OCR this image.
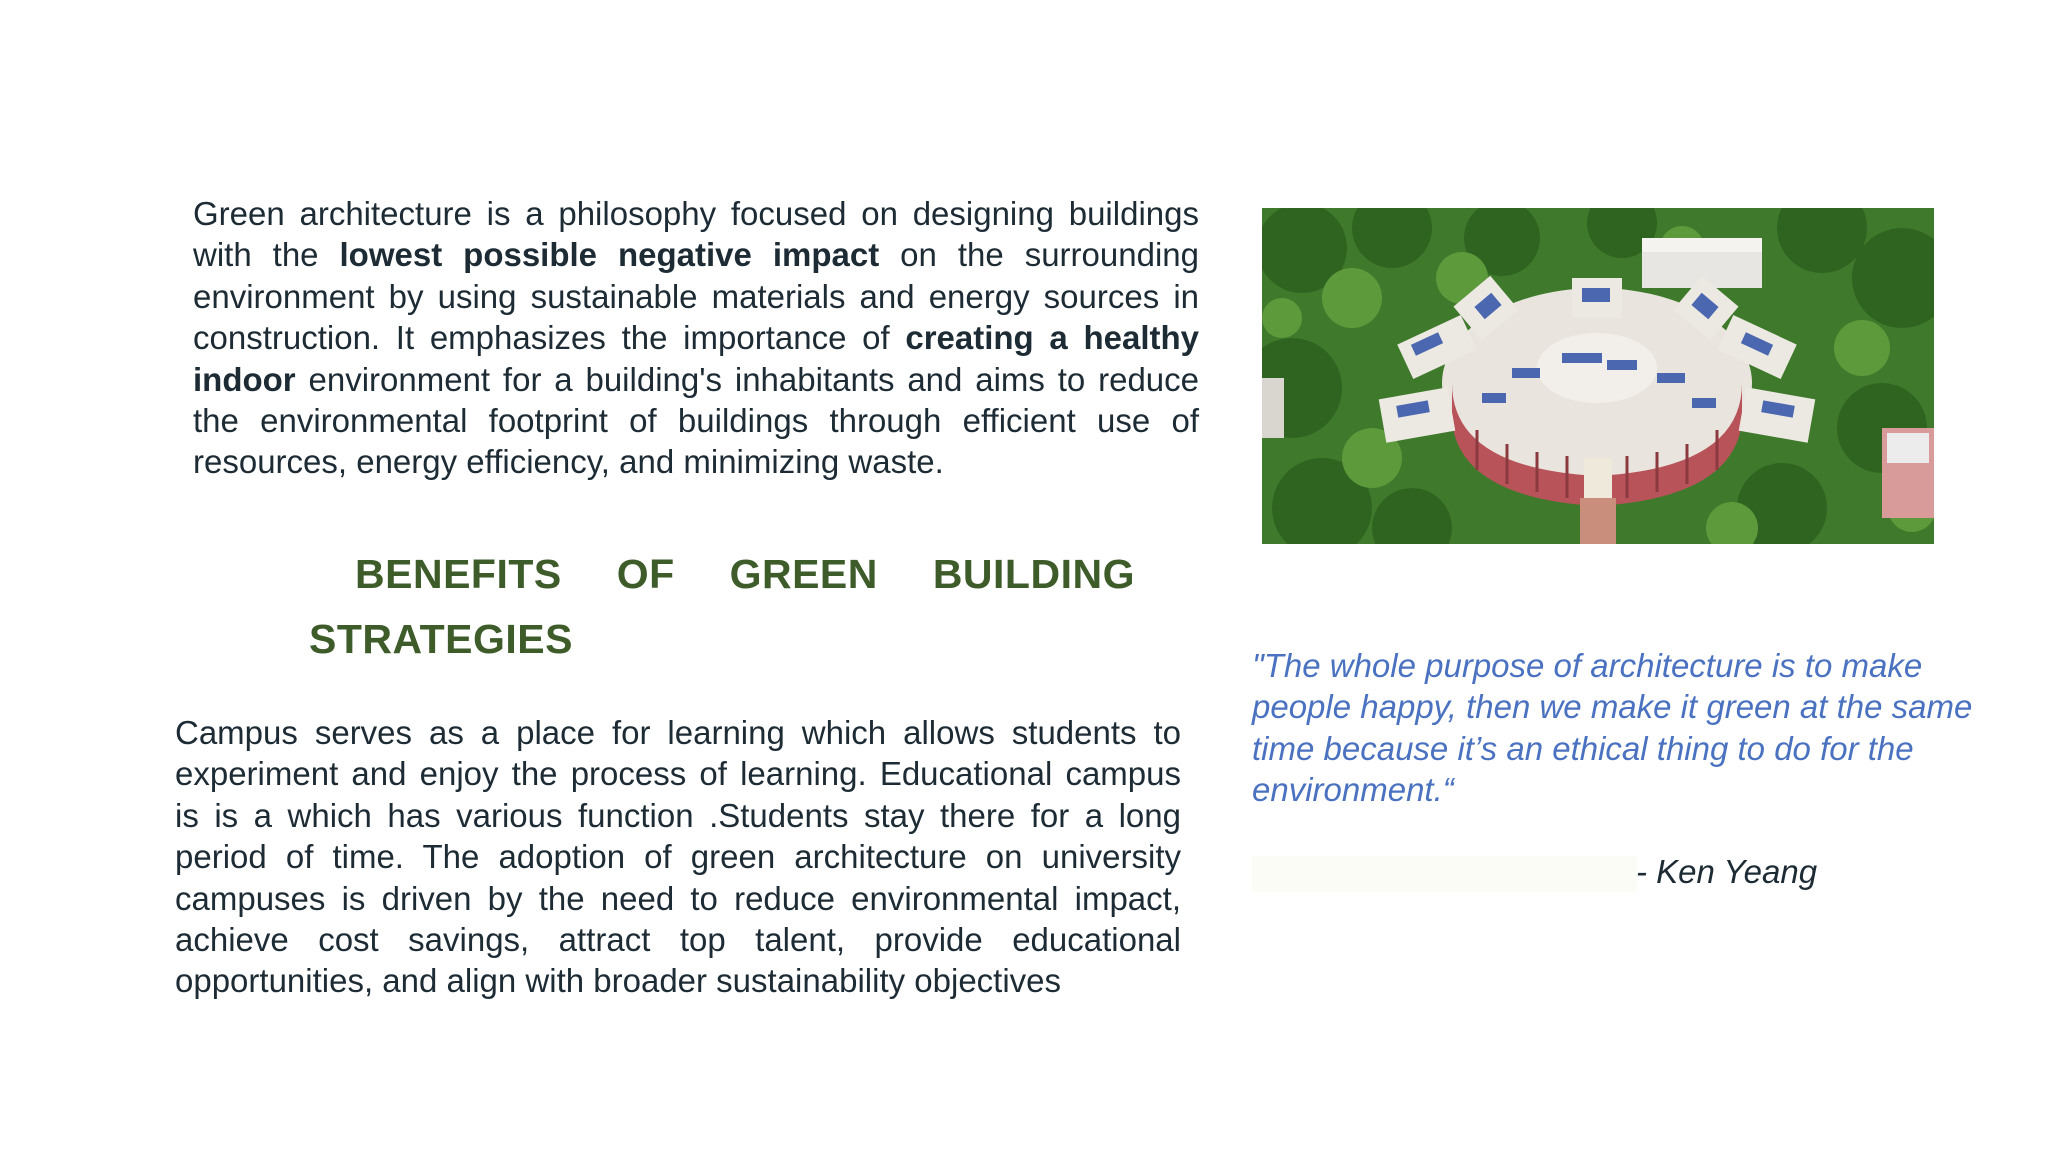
Green architecture is a philosophy focused on designing buildings with the lowest possible negative impact on the surrounding environment by using sustainable materials and energy sources in construction. It emphasizes the importance of creating a healthy indoor environment for a building's inhabitants and aims to reduce the environmental footprint of buildings through efficient use of resources, energy efficiency, and minimizing waste.

BENEFITS OF GREEN BUILDING
STRATEGIES

Campus serves as a place for learning which allows students to experiment and enjoy the process of learning. Educational campus is is a which has various function .Students stay there for a long period of time. The adoption of green architecture on university campuses is driven by the need to reduce environmental impact, achieve cost savings, attract top talent, provide educational opportunities, and align with broader sustainability objectives

"The whole purpose of architecture is to make people happy, then we make it green at the same time because it’s an ethical thing to do for the environment.“

- Ken Yeang
